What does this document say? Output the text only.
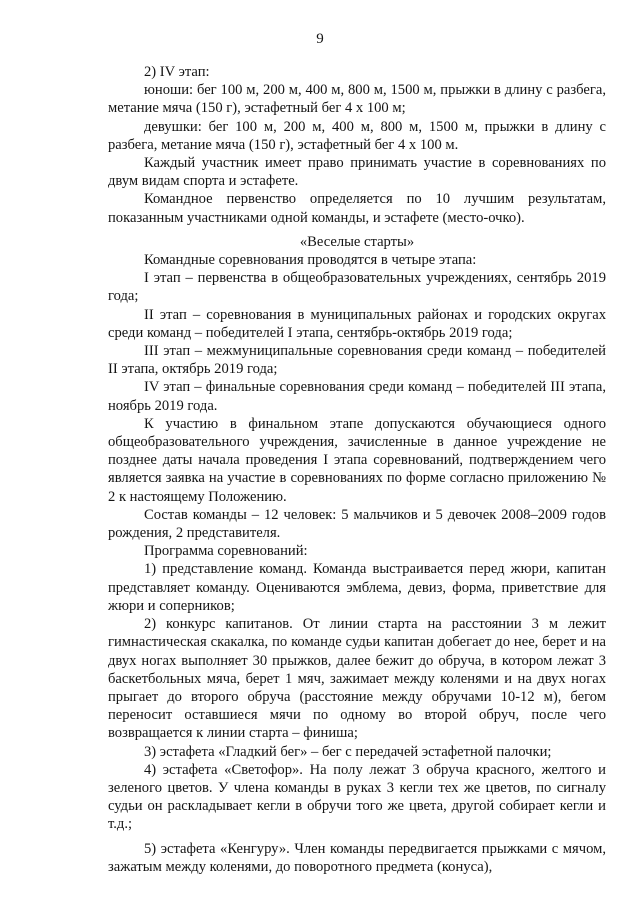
9

2) IV этап:

юноши: бег 100 м, 200 м, 400 м, 800 м, 1500 м, прыжки в длину с разбега, метание мяча (150 г), эстафетный бег 4 х 100 м;

девушки: бег 100 м, 200 м, 400 м, 800 м, 1500 м, прыжки в длину с разбега, метание мяча (150 г), эстафетный бег 4 х 100 м.

Каждый участник имеет право принимать участие в соревнованиях по двум видам спорта и эстафете.

Командное первенство определяется по 10 лучшим результатам, показанным участниками одной команды, и эстафете (место-очко).

«Веселые старты»

Командные соревнования проводятся в четыре этапа:

I этап – первенства в общеобразовательных учреждениях, сентябрь 2019 года;

II этап – соревнования в муниципальных районах и городских округах среди команд – победителей I этапа, сентябрь-октябрь 2019 года;

III этап – межмуниципальные соревнования среди команд – победителей II этапа, октябрь 2019 года;

IV этап – финальные соревнования среди команд – победителей III этапа, ноябрь 2019 года.

К участию в финальном этапе допускаются обучающиеся одного общеобразовательного учреждения, зачисленные в данное учреждение не позднее даты начала проведения I этапа соревнований, подтверждением чего является заявка на участие в соревнованиях по форме согласно приложению № 2 к настоящему Положению.

Состав команды – 12 человек: 5 мальчиков и 5 девочек 2008–2009 годов рождения, 2 представителя.

Программа соревнований:

1) представление команд. Команда выстраивается перед жюри, капитан представляет команду. Оцениваются эмблема, девиз, форма, приветствие для жюри и соперников;

2) конкурс капитанов. От линии старта на расстоянии 3 м лежит гимнастическая скакалка, по команде судьи капитан добегает до нее, берет и на двух ногах выполняет 30 прыжков, далее бежит до обруча, в котором лежат 3 баскетбольных мяча, берет 1 мяч, зажимает между коленями и на двух ногах прыгает до второго обруча (расстояние между обручами 10-12 м), бегом переносит оставшиеся мячи по одному во второй обруч, после чего возвращается к линии старта – финиша;

3) эстафета «Гладкий бег» – бег с передачей эстафетной палочки;

4) эстафета «Светофор». На полу лежат 3 обруча красного, желтого и зеленого цветов. У члена команды в руках 3 кегли тех же цветов, по сигналу судьи он раскладывает кегли в обручи того же цвета, другой собирает кегли и т.д.;

5) эстафета «Кенгуру». Член команды передвигается прыжками с мячом, зажатым между коленями, до поворотного предмета (конуса),
